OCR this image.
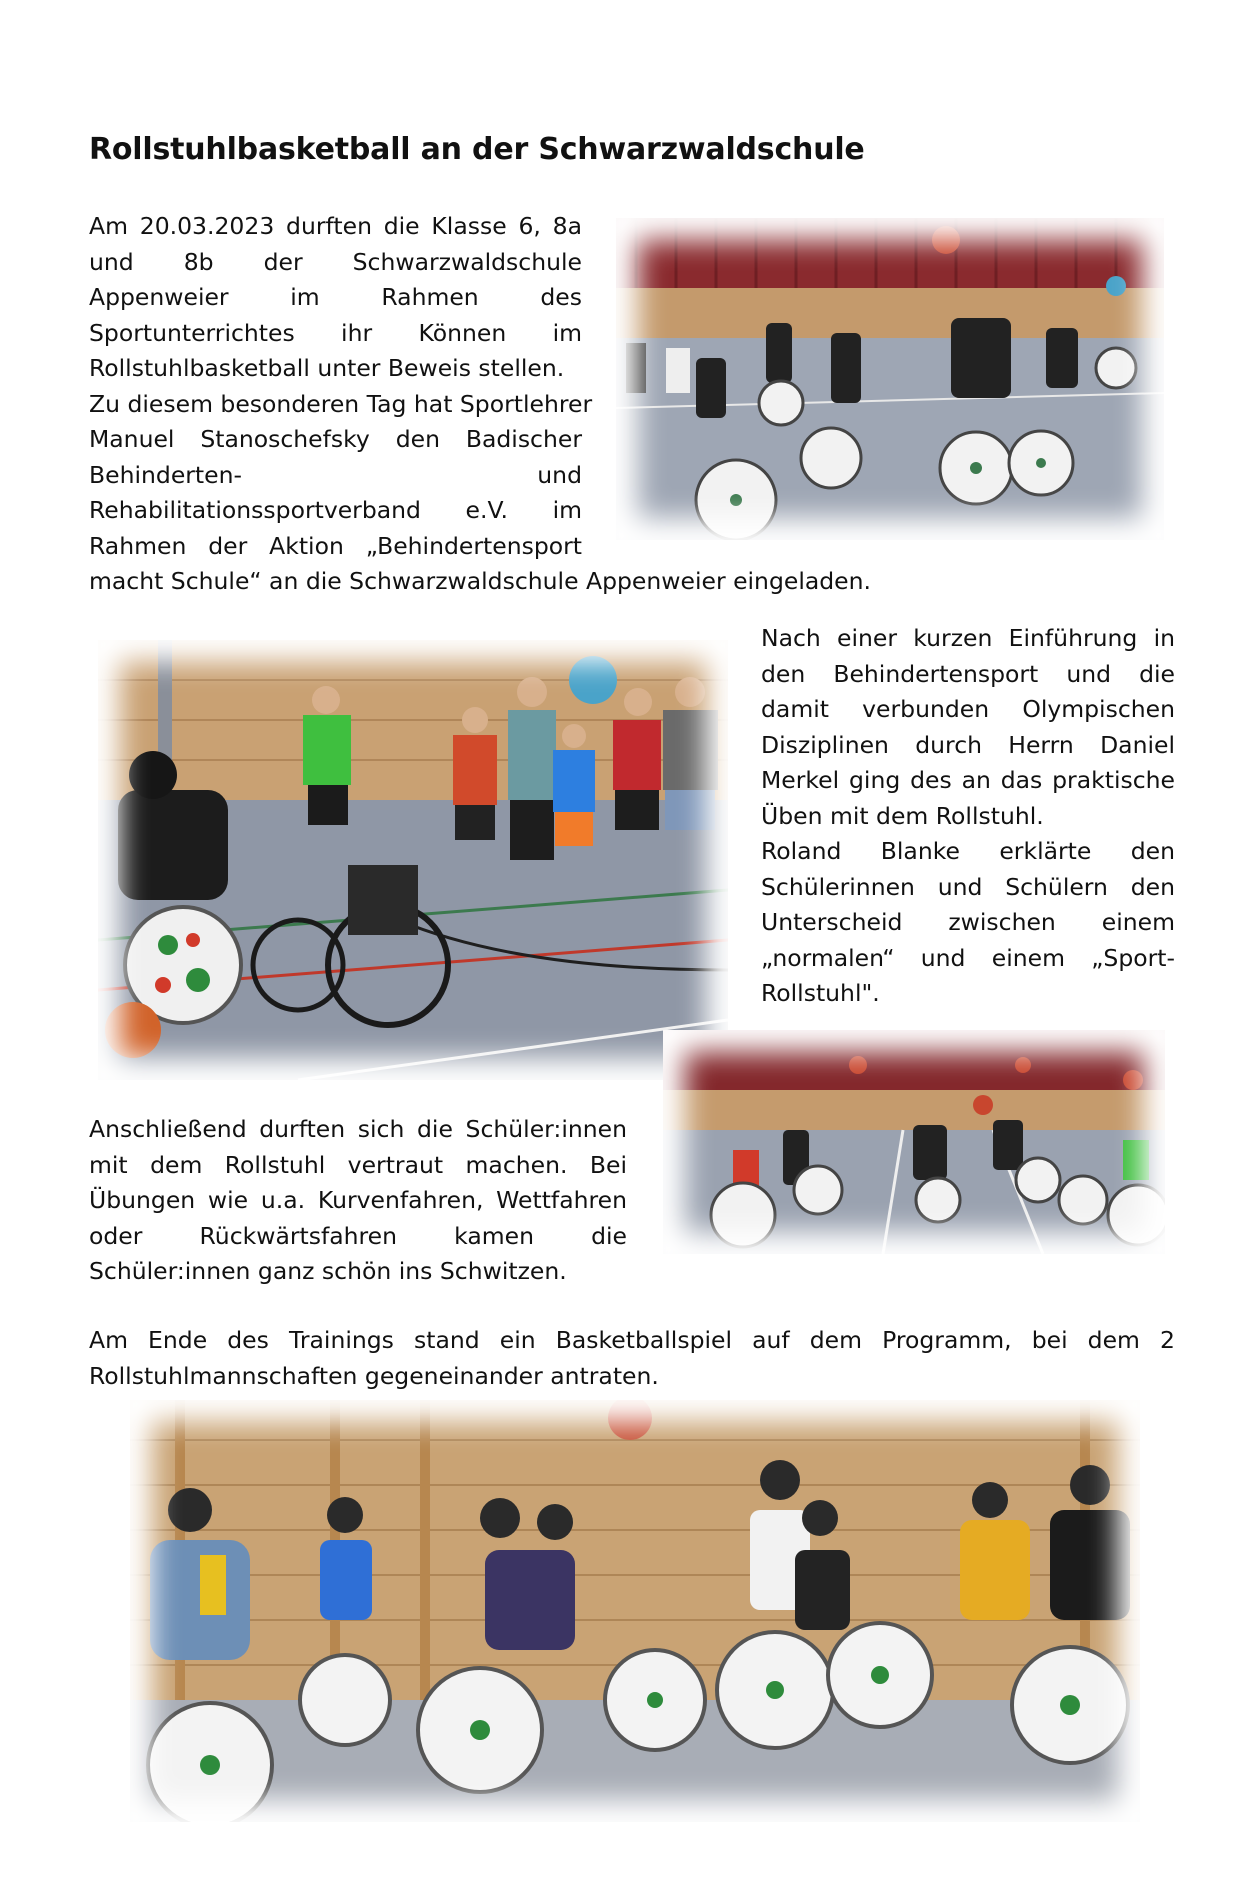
Rollstuhlbasketball an der Schwarzwaldschule
Am 20.03.2023 durften die Klasse 6, 8a
und 8b der Schwarzwaldschule
Appenweier im Rahmen des
Sportunterrichtes ihr Können im
Rollstuhlbasketball unter Beweis stellen.
Zu diesem besonderen Tag hat Sportlehrer
Manuel Stanoschefsky den Badischer
Behinderten- und
Rehabilitationssportverband e.V. im
Rahmen der Aktion „Behindertensport
macht Schule“ an die Schwarzwaldschule Appenweier eingeladen.
Nach einer kurzen Einführung in
den Behindertensport und die
damit verbunden Olympischen
Disziplinen durch Herrn Daniel
Merkel ging des an das praktische
Üben mit dem Rollstuhl.
Roland Blanke erklärte den
Schülerinnen und Schülern den
Unterscheid zwischen einem
„normalen“ und einem „Sport-
Rollstuhl".
Anschließend durften sich die Schüler:innen
mit dem Rollstuhl vertraut machen. Bei
Übungen wie u.a. Kurvenfahren, Wettfahren
oder Rückwärtsfahren kamen die
Schüler:innen ganz schön ins Schwitzen.
Am Ende des Trainings stand ein Basketballspiel auf dem Programm, bei dem 2
Rollstuhlmannschaften gegeneinander antraten.
